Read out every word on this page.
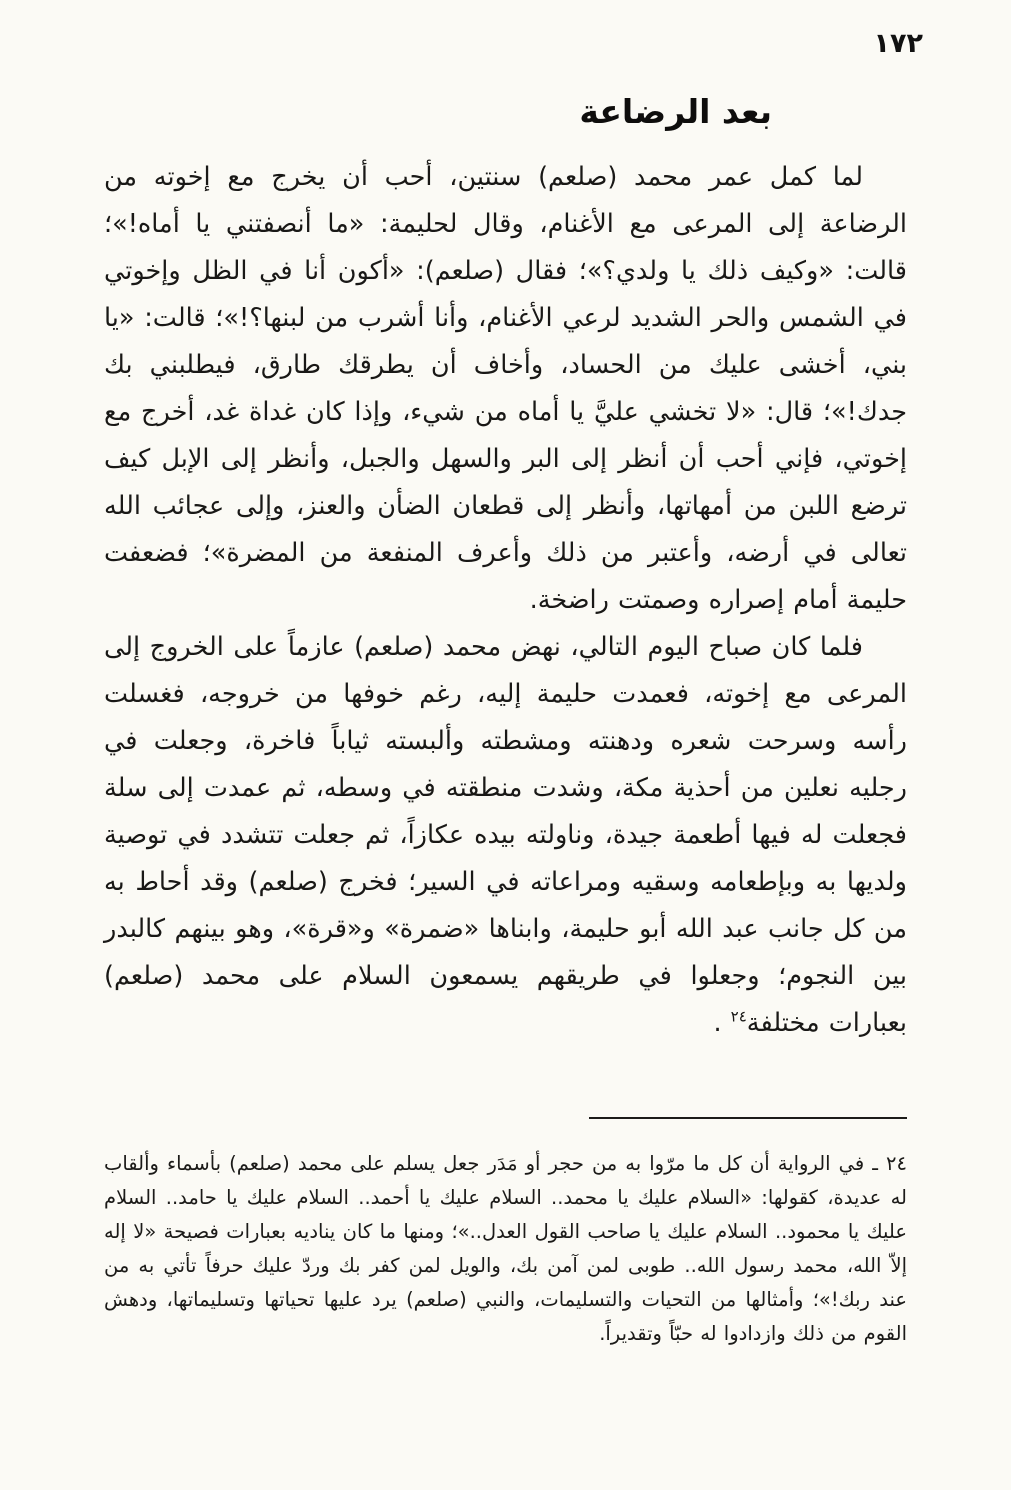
١٧٢
بعد الرضاعة

لما كمل عمر محمد (صلعم) سنتين، أحب أن يخرج مع إخوته من الرضاعة إلى المرعى مع الأغنام، وقال لحليمة: «ما أنصفتني يا أماه!»؛ قالت: «وكيف ذلك يا ولدي؟»؛ فقال (صلعم): «أكون أنا في الظل وإخوتي في الشمس والحر الشديد لرعي الأغنام، وأنا أشرب من لبنها؟!»؛ قالت: «يا بني، أخشى عليك من الحساد، وأخاف أن يطرقك طارق، فيطلبني بك جدك!»؛ قال: «لا تخشي عليَّ يا أماه من شيء، وإذا كان غداة غد، أخرج مع إخوتي، فإني أحب أن أنظر إلى البر والسهل والجبل، وأنظر إلى الإبل كيف ترضع اللبن من أمهاتها، وأنظر إلى قطعان الضأن والعنز، وإلى عجائب الله تعالى في أرضه، وأعتبر من ذلك وأعرف المنفعة من المضرة»؛ فضعفت حليمة أمام إصراره وصمتت راضخة.

فلما كان صباح اليوم التالي، نهض محمد (صلعم) عازماً على الخروج إلى المرعى مع إخوته، فعمدت حليمة إليه، رغم خوفها من خروجه، فغسلت رأسه وسرحت شعره ودهنته ومشطته وألبسته ثياباً فاخرة، وجعلت في رجليه نعلين من أحذية مكة، وشدت منطقته في وسطه، ثم عمدت إلى سلة فجعلت له فيها أطعمة جيدة، وناولته بيده عكازاً، ثم جعلت تتشدد في توصية ولديها به وبإطعامه وسقيه ومراعاته في السير؛ فخرج (صلعم) وقد أحاط به من كل جانب عبد الله أبو حليمة، وابناها «ضمرة» و«قرة»، وهو بينهم كالبدر بين النجوم؛ وجعلوا في طريقهم يسمعون السلام على محمد (صلعم) بعبارات مختلفة$^{٢٤}$ .

٢٤ ـ في الرواية أن كل ما مرّوا به من حجر أو مَدَر جعل يسلم على محمد (صلعم) بأسماء وألقاب له عديدة، كقولها: «السلام عليك يا محمد.. السلام عليك يا أحمد.. السلام عليك يا حامد.. السلام عليك يا محمود.. السلام عليك يا صاحب القول العدل..»؛ ومنها ما كان يناديه بعبارات فصيحة «لا إله إلاّ الله، محمد رسول الله.. طوبى لمن آمن بك، والويل لمن كفر بك وردّ عليك حرفاً تأتي به من عند ربك!»؛ وأمثالها من التحيات والتسليمات، والنبي (صلعم) يرد عليها تحياتها وتسليماتها، ودهش القوم من ذلك وازدادوا له حبّاً وتقديراً.
